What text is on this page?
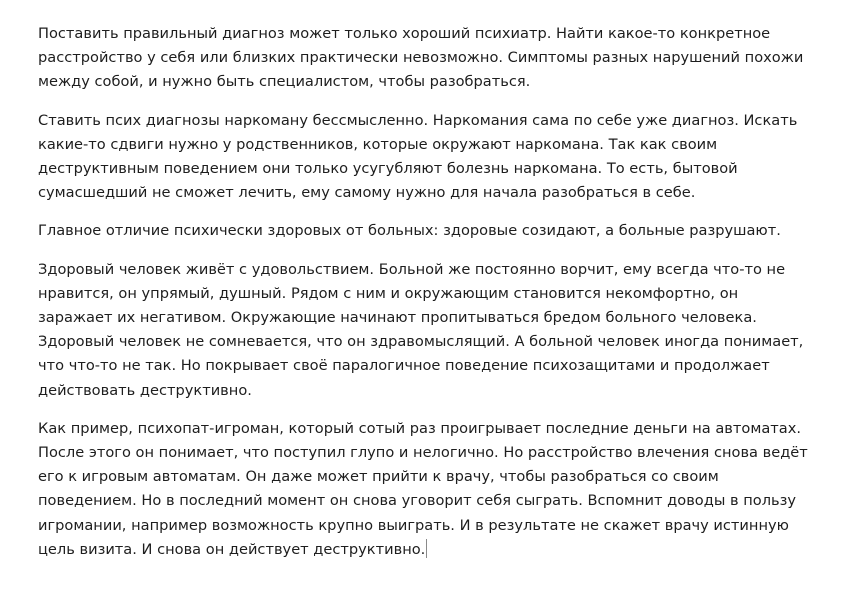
Поставить правильный диагноз может только хороший психиатр. Найти какое-то конкретное
расстройство у себя или близких практически невозможно. Симптомы разных нарушений похожи
между собой, и нужно быть специалистом, чтобы разобраться.

Ставить псих диагнозы наркоману бессмысленно. Наркомания сама по себе уже диагноз. Искать
какие-то сдвиги нужно у родственников, которые окружают наркомана. Так как своим
деструктивным поведением они только усугубляют болезнь наркомана. То есть, бытовой
сумасшедший не сможет лечить, ему самому нужно для начала разобраться в себе.

Главное отличие психически здоровых от больных: здоровые созидают, а больные разрушают.

Здоровый человек живёт с удовольствием. Больной же постоянно ворчит, ему всегда что-то не
нравится, он упрямый, душный. Рядом с ним и окружающим становится некомфортно, он
заражает их негативом. Окружающие начинают пропитываться бредом больного человека.
Здоровый человек не сомневается, что он здравомыслящий. А больной человек иногда понимает,
что что-то не так. Но покрывает своё паралогичное поведение психозащитами и продолжает
действовать деструктивно.

Как пример, психопат-игроман, который сотый раз проигрывает последние деньги на автоматах.
После этого он понимает, что поступил глупо и нелогично. Но расстройство влечения снова ведёт
его к игровым автоматам. Он даже может прийти к врачу, чтобы разобраться со своим
поведением. Но в последний момент он снова уговорит себя сыграть. Вспомнит доводы в пользу
игромании, например возможность крупно выиграть. И в результате не скажет врачу истинную
цель визита. И снова он действует деструктивно.
